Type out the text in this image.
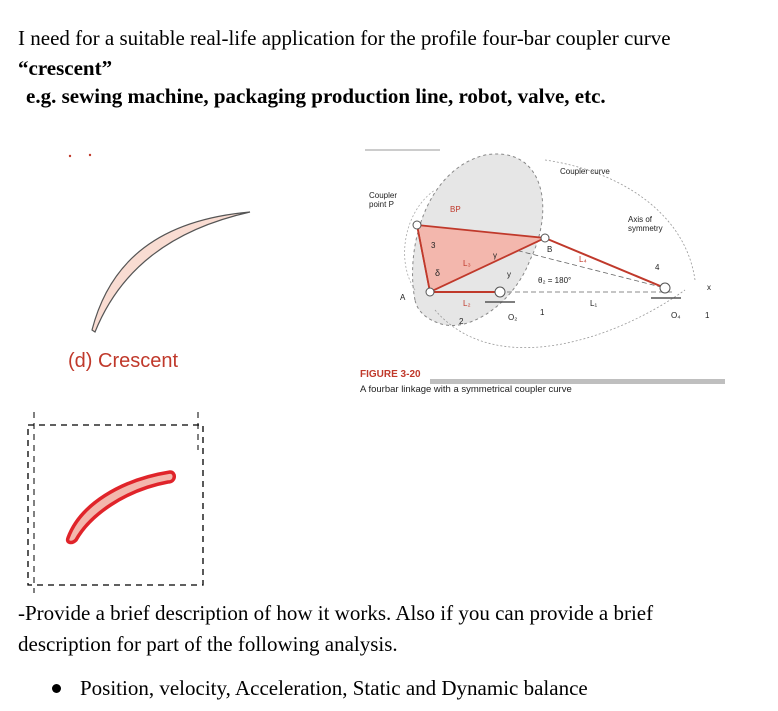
I need for a suitable real-life application for the profile four-bar coupler curve
“crescent”
e.g. sewing machine, packaging production line, robot, valve, etc.
(d) Crescent
Coupler
point P
Coupler curve
Axis of
symmetry
BP
B
A
3
δ
L₃
γ	L₄
4
θ₂ = 180°
L₁
L₂
2	O₂
1	O₄	1
x
y
FIGURE 3-20
A fourbar linkage with a symmetrical coupler curve
-Provide a brief description of how it works. Also if you can provide a brief
description for part of the following analysis.
Position, velocity, Acceleration, Static and Dynamic balance
